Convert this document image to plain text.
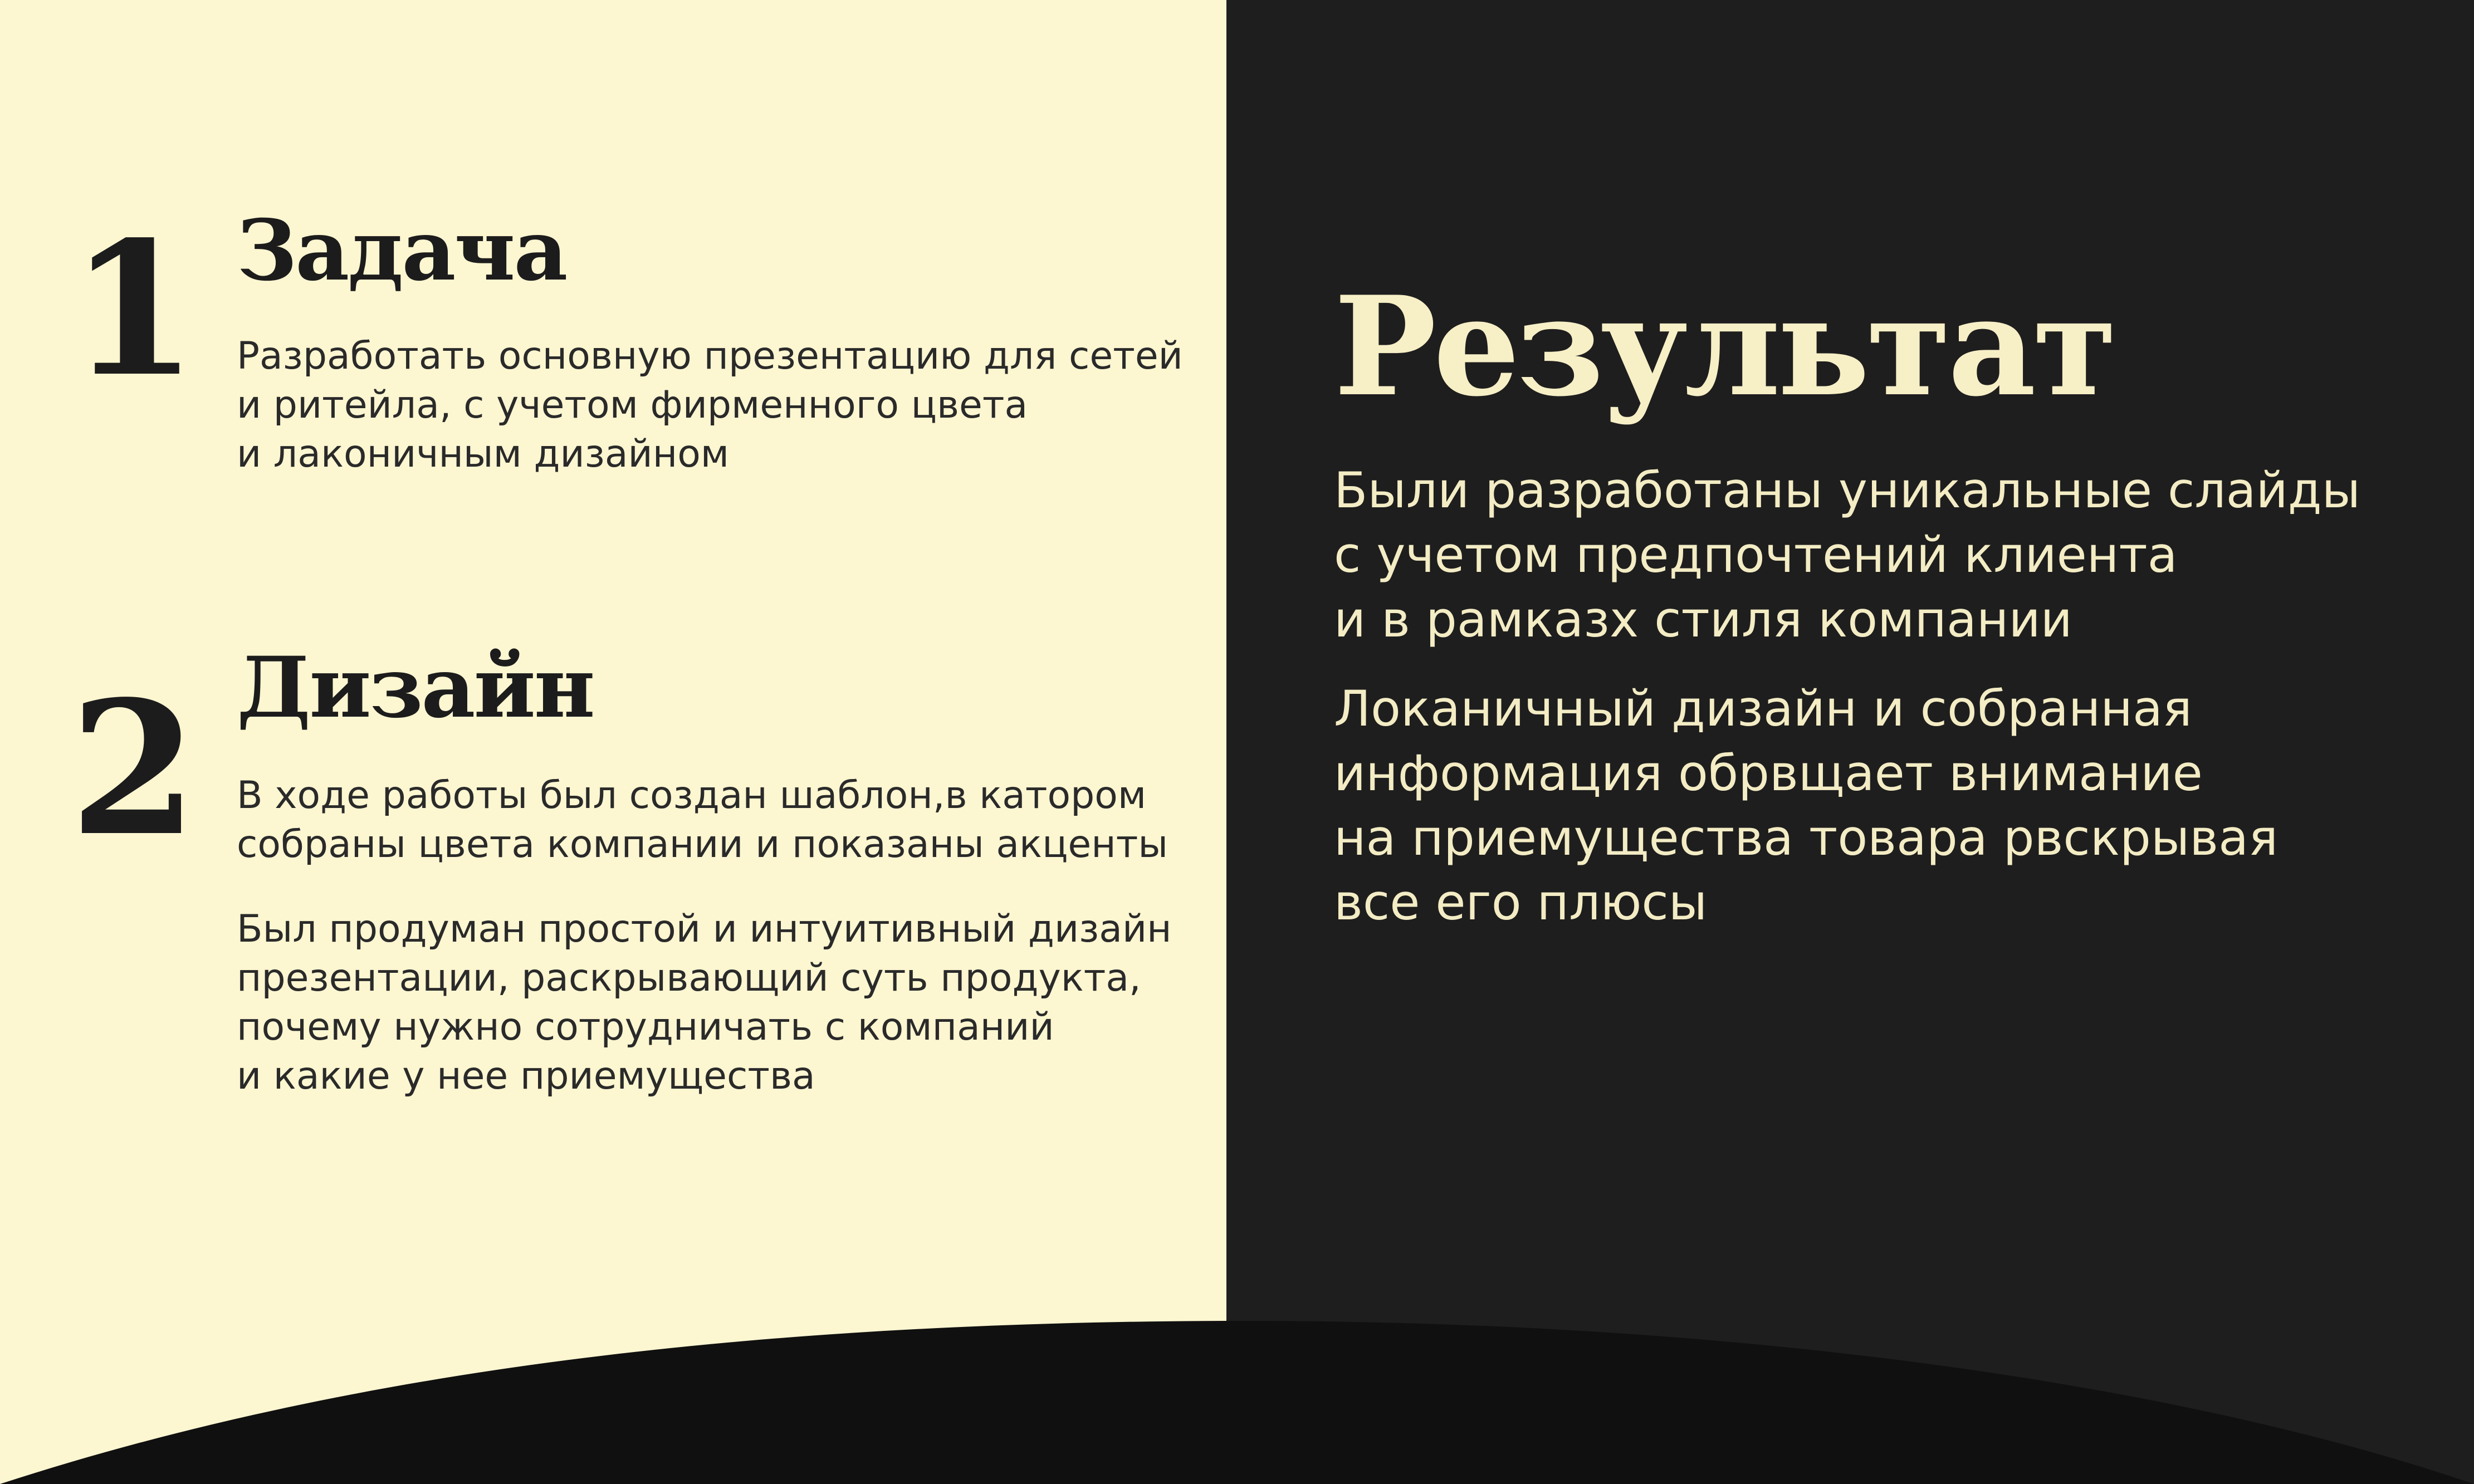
1 Задача

Разработать основную презентацию для сетей
и ритейла, с учетом фирменного цвета
и лаконичным дизайном

2 Дизайн

В ходе работы был создан шаблон,в катором
собраны цвета компании и показаны акценты

Был продуман простой и интуитивный дизайн
презентации, раскрывающий суть продукта,
почему нужно сотрудничать с компаний
и какие у нее приемущества

Результат

Были разработаны уникальные слайды
с учетом предпочтений клиента
и в рамказх стиля компании

Локаничный дизайн и собранная
информация обрвщает внимание
на приемущества товара рвскрывая
все его плюсы
